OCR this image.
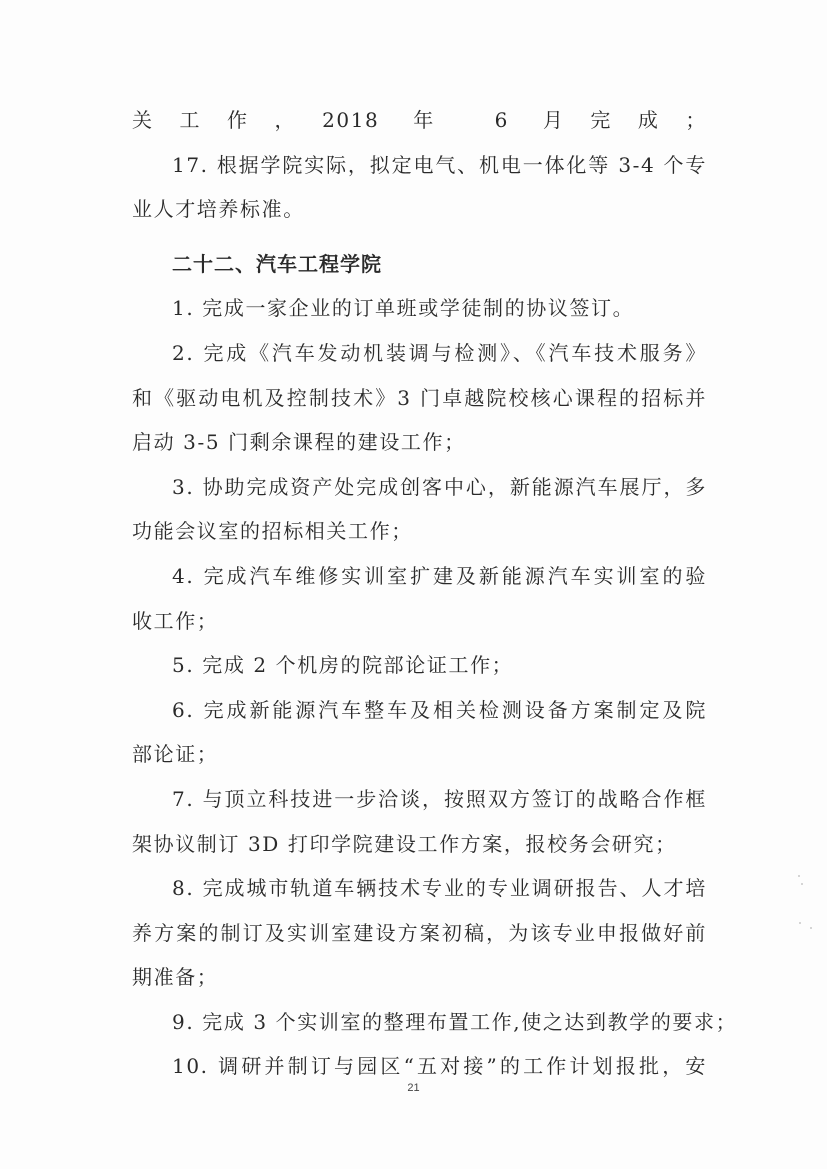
关工作，2018 年 6 月完成；
17. 根据学院实际，拟定电气、机电一体化等 3-4 个专
业人才培养标准。
二十二、汽车工程学院
1. 完成一家企业的订单班或学徒制的协议签订。
2. 完成《汽车发动机装调与检测》、《汽车技术服务》
和《驱动电机及控制技术》3 门卓越院校核心课程的招标并
启动 3-5 门剩余课程的建设工作；
3. 协助完成资产处完成创客中心，新能源汽车展厅，多
功能会议室的招标相关工作；
4. 完成汽车维修实训室扩建及新能源汽车实训室的验
收工作；
5. 完成 2 个机房的院部论证工作；
6. 完成新能源汽车整车及相关检测设备方案制定及院
部论证；
7. 与顶立科技进一步洽谈，按照双方签订的战略合作框
架协议制订 3D 打印学院建设工作方案，报校务会研究；
8. 完成城市轨道车辆技术专业的专业调研报告、人才培
养方案的制订及实训室建设方案初稿，为该专业申报做好前
期准备；
9. 完成 3 个实训室的整理布置工作,使之达到教学的要求；
10. 调研并制订与园区“五对接”的工作计划报批，安
21
